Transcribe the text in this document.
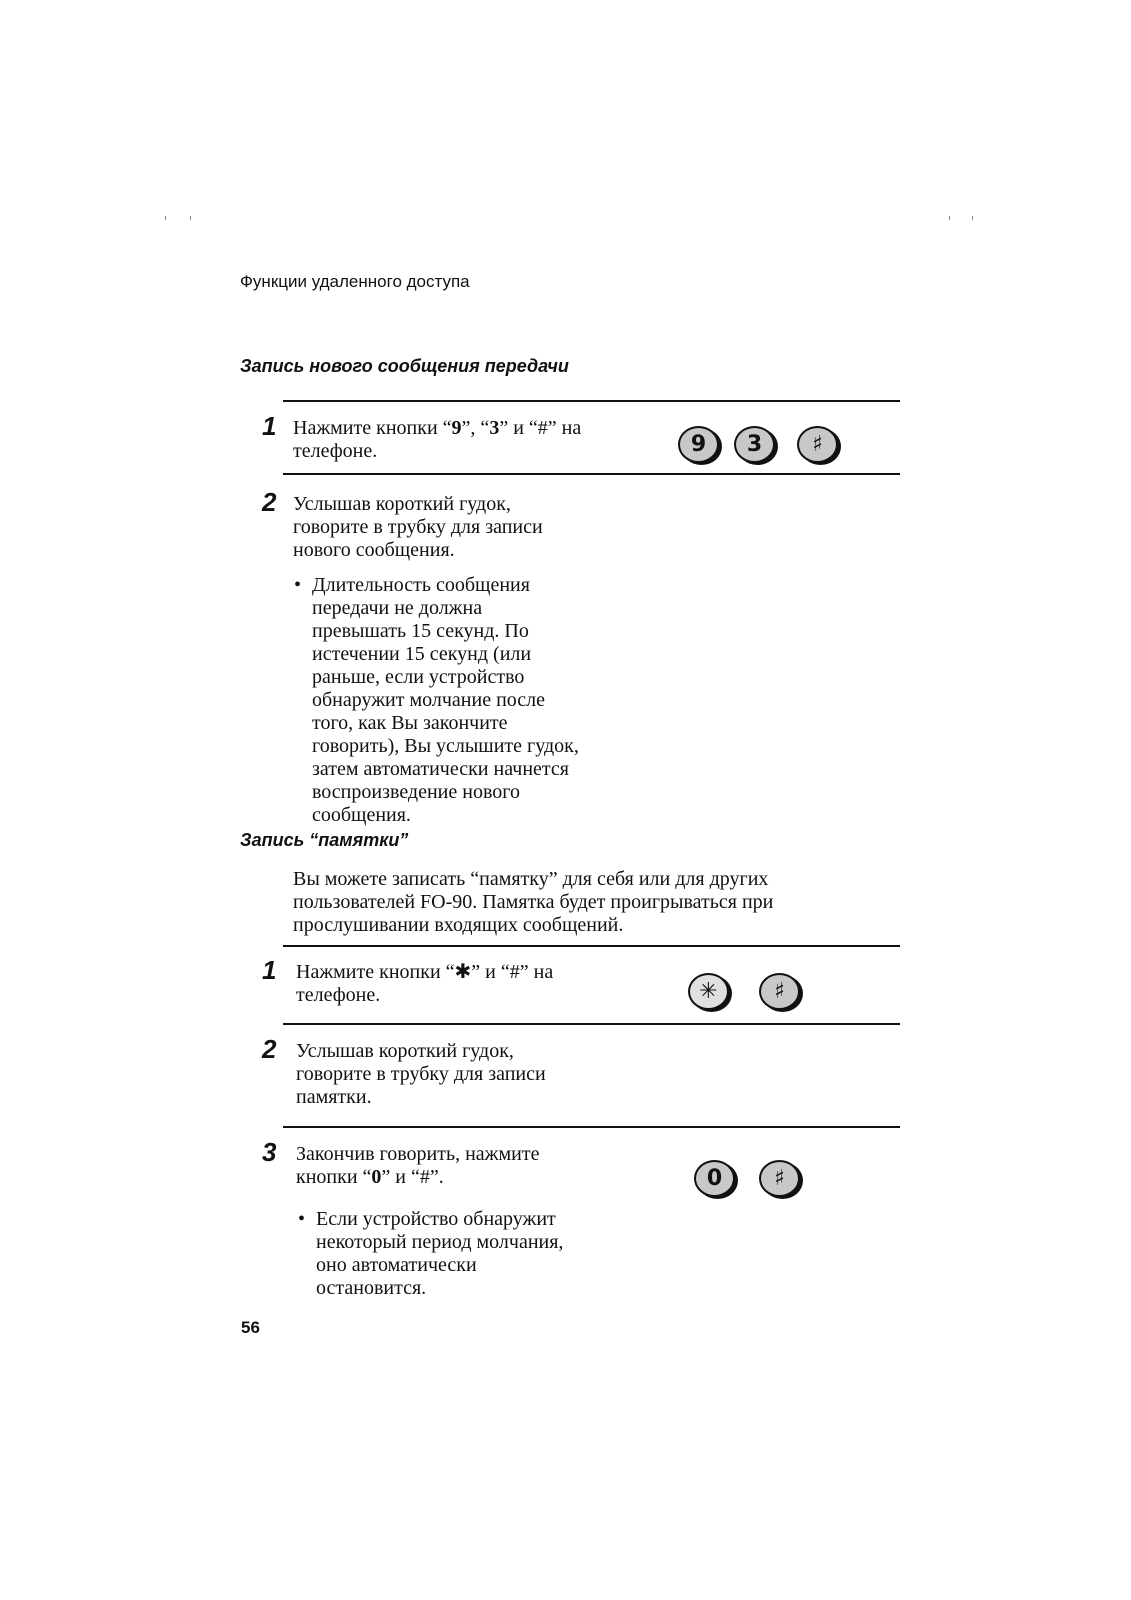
Функции удаленного доступа
Запись нового сообщения передачи
1 Нажмите кнопки “9”, “3” и “#” на

телефоне.	9	3	♯
2 Услышав короткий гудок,

говорите в трубку для записи

нового сообщения.

• Длительность сообщения

передачи не должна

превышать 15 секунд. По

истечении 15 секунд (или

раньше, если устройство

обнаружит молчание после

того, как Вы закончите

говорить), Вы услышите гудок,

затем автоматически начнется

воспроизведение нового

сообщения.

Запись “памятки”

Вы можете записать “памятку” для себя или для других

пользователей FO-90. Памятка будет проигрываться при

прослушивании входящих сообщений.

1 Нажмите кнопки “✱” и “#” на

телефоне.	✳	♯
2 Услышав короткий гудок,

говорите в трубку для записи

памятки.

3 Закончив говорить, нажмите

кнопки “0” и “#”.	0	♯
• Если устройство обнаружит

некоторый период молчания,

оно автоматически

остановится.

56
